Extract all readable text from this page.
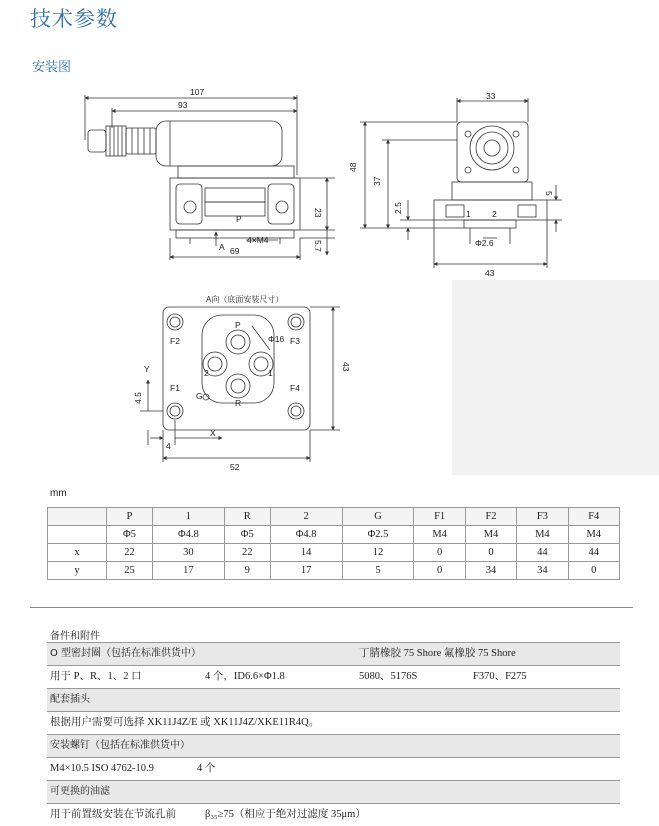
技术参数
安装图
107
93
69
23
5.7
4×M4
A
P
33
48
37
2.5
5
43
Φ2.6
1	2
A向（底面安装尺寸）
43
52
4
4.5
Φ16
F1
F2	F3
F4
P
R
G
1
2
X
Y
mm
	P	1	R	2	G	F1	F2	F3	F4
	Φ5	Φ4.8	Φ5	Φ4.8	Φ2.5	M4	M4	M4	M4
x	22	30	22	14	12	0	0	44	44
y	25	17	9	17	5	0	34	34	0
备件和附件
O 型密封圈（包括在标准供货中）	丁腈橡胶 75 Shore 氟橡胶 75 Shore
用于 P、R、1、2 口	4 个，ID6.6×Φ1.8	5080、5176S	F370、F275
配套插头
根据用户需要可选择 XK11J4Z/E 或 XK11J4Z/XKE11R4Q。
安装螺钉（包括在标准供货中）
M4×10.5 ISO 4762-10.9	4 个
可更换的油滤
用于前置级安装在节流孔前	β₃₅≥75（相应于绝对过滤度 35μm）
